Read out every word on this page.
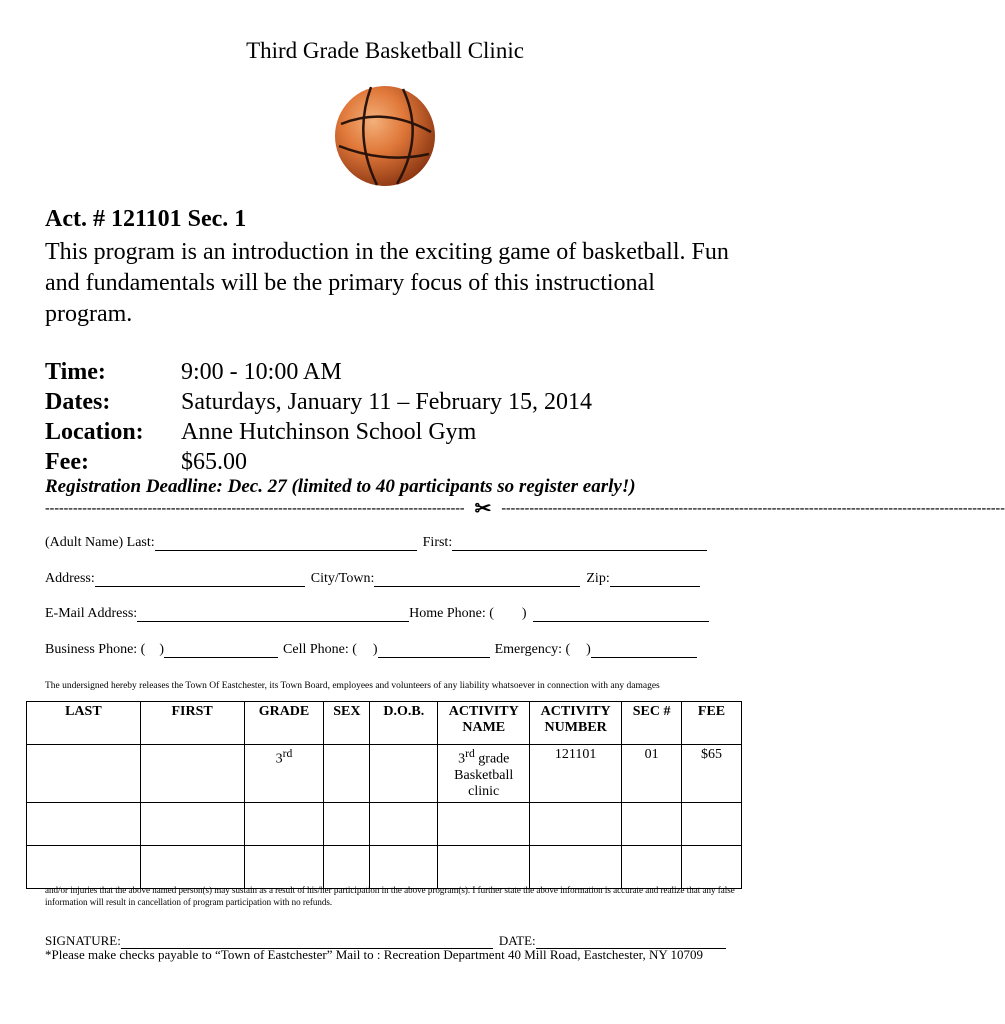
Third Grade Basketball Clinic
Act. # 121101 Sec. 1
This program is an introduction in the exciting game of basketball. Fun and fundamentals will be the primary focus of this instructional program.
Time:	9:00 - 10:00 AM
Dates:	Saturdays, January 11 – February 15, 2014
Location:	Anne Hutchinson School Gym
Fee:	$65.00
Registration Deadline: Dec. 27 (limited to 40 participants so register early!)
------------------------------------------------------------------------------------------ ✂ ------------------------------------------------------------------------------------------------------------
(Adult Name) Last:	First:
Address:	City/Town:	Zip:
E-Mail Address:	Home Phone: ( )
Business Phone: ( )	Cell Phone: ( )	Emergency: ( )
The undersigned hereby releases the Town Of Eastchester, its Town Board, employees and volunteers of any liability whatsoever in connection with any damages
LAST	FIRST	GRADE	SEX	D.O.B.	ACTIVITY NAME	ACTIVITY NUMBER	SEC #	FEE
		3rd			3rd grade Basketball clinic	121101	01	$65

and/or injuries that the above named person(s) may sustain as a result of his/her participation in the above program(s). I further state the above information is accurate and realize that any false information will result in cancellation of program participation with no refunds.
SIGNATURE:	DATE:
*Please make checks payable to “Town of Eastchester” Mail to : Recreation Department 40 Mill Road, Eastchester, NY 10709
